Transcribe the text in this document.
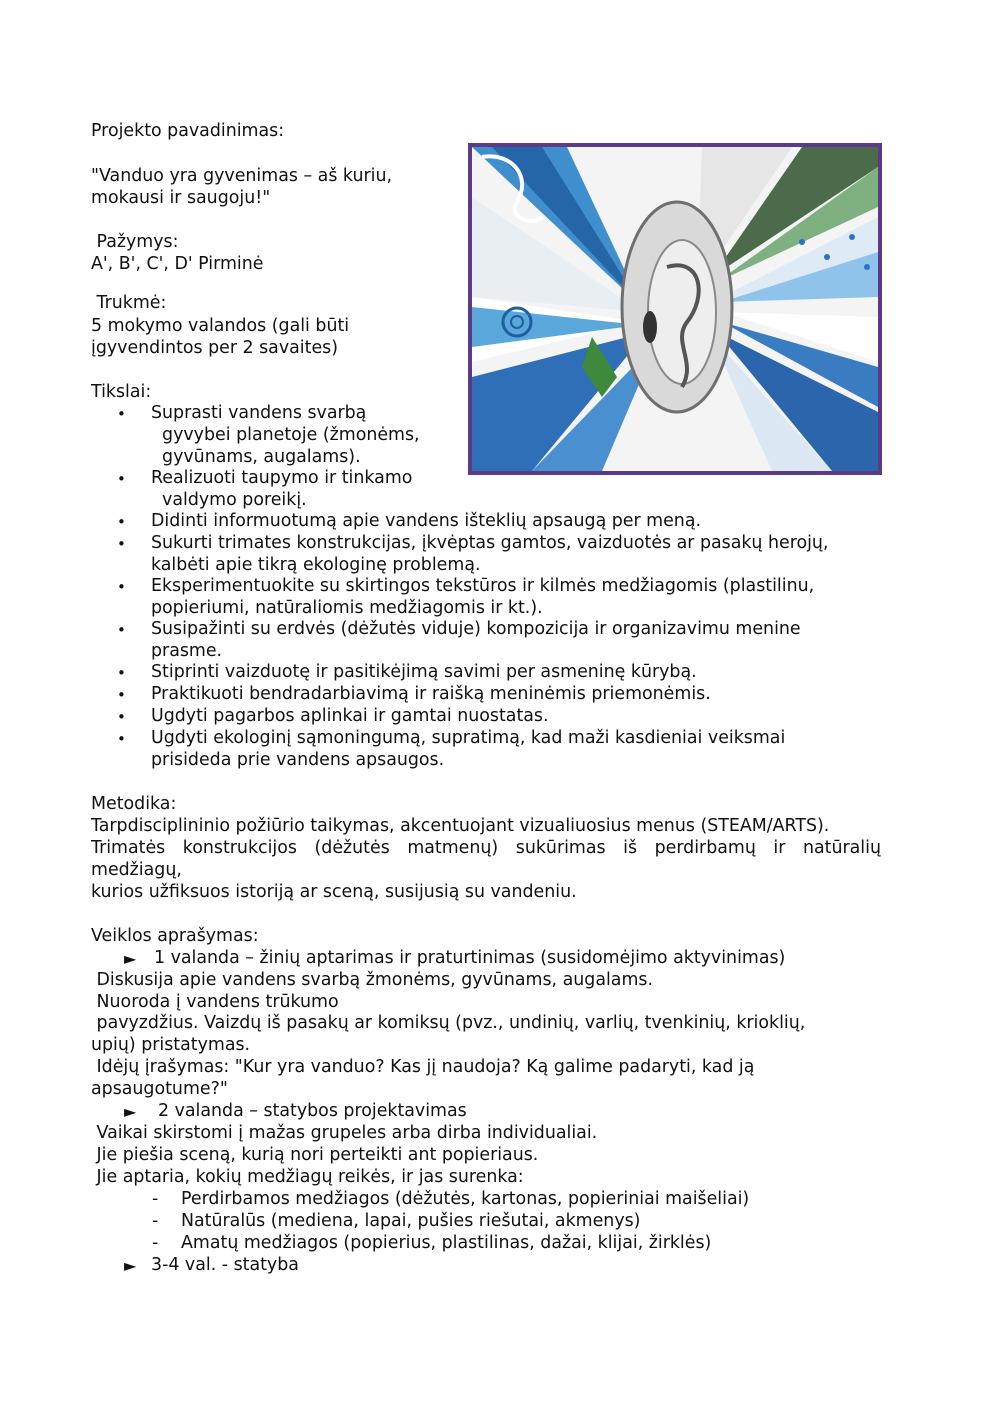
Projekto pavadinimas:
"Vanduo yra gyvenimas – aš kuriu,
mokausi ir saugoju!"
Pažymys:
A', B', C', D' Pirminė
Trukmė:
5 mokymo valandos (gali būti
įgyvendintos per 2 savaites)
Tikslai:
• Suprasti vandens svarbą
gyvybei planetoje (žmonėms,
gyvūnams, augalams).
• Realizuoti taupymo ir tinkamo
valdymo poreikį.
• Didinti informuotumą apie vandens išteklių apsaugą per meną.
• Sukurti trimates konstrukcijas, įkvėptas gamtos, vaizduotės ar pasakų herojų,
kalbėti apie tikrą ekologinę problemą.
• Eksperimentuokite su skirtingos tekstūros ir kilmės medžiagomis (plastilinu,
popieriumi, natūraliomis medžiagomis ir kt.).
• Susipažinti su erdvės (dėžutės viduje) kompozicija ir organizavimu menine
prasme.
• Stiprinti vaizduotę ir pasitikėjimą savimi per asmeninę kūrybą.
• Praktikuoti bendradarbiavimą ir raišką meninėmis priemonėmis.
• Ugdyti pagarbos aplinkai ir gamtai nuostatas.
• Ugdyti ekologinį sąmoningumą, supratimą, kad maži kasdieniai veiksmai
prisideda prie vandens apsaugos.
Metodika:
Tarpdisciplininio požiūrio taikymas, akcentuojant vizualiuosius menus (STEAM/ARTS).
Trimatės konstrukcijos (dėžutės matmenų) sukūrimas iš perdirbamų ir natūralių
medžiagų,
kurios užfiksuos istoriją ar sceną, susijusią su vandeniu.
Veiklos aprašymas:
► 1 valanda – žinių aptarimas ir praturtinimas (susidomėjimo aktyvinimas)
Diskusija apie vandens svarbą žmonėms, gyvūnams, augalams.
Nuoroda į vandens trūkumo
pavyzdžius. Vaizdų iš pasakų ar komiksų (pvz., undinių, varlių, tvenkinių, krioklių,
upių) pristatymas.
Idėjų įrašymas: "Kur yra vanduo? Kas jį naudoja? Ką galime padaryti, kad ją
apsaugotume?"
► 2 valanda – statybos projektavimas
Vaikai skirstomi į mažas grupeles arba dirba individualiai.
Jie piešia sceną, kurią nori perteikti ant popieriaus.
Jie aptaria, kokių medžiagų reikės, ir jas surenka:
- Perdirbamos medžiagos (dėžutės, kartonas, popieriniai maišeliai)
- Natūralūs (mediena, lapai, pušies riešutai, akmenys)
- Amatų medžiagos (popierius, plastilinas, dažai, klijai, žirklės)
► 3-4 val. - statyba
